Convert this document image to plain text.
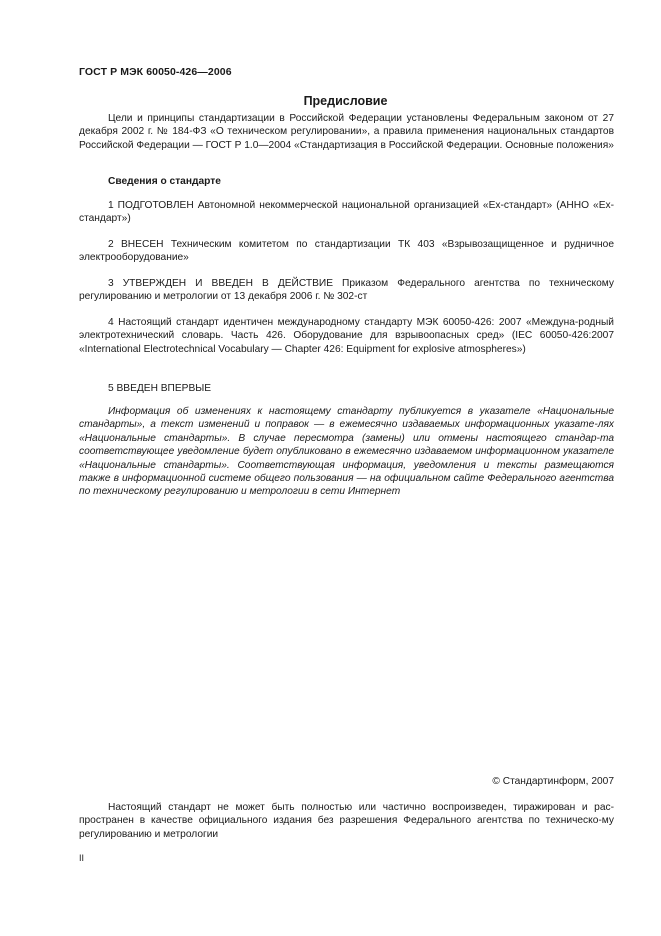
ГОСТ Р МЭК 60050-426—2006
Предисловие

Цели и принципы стандартизации в Российской Федерации установлены Федеральным законом от 27 декабря 2002 г. № 184-ФЗ «О техническом регулировании», а правила применения национальных стандартов Российской Федерации — ГОСТ Р 1.0—2004 «Стандартизация в Российской Федерации. Основные положения»

Сведения о стандарте

1 ПОДГОТОВЛЕН Автономной некоммерческой национальной организацией «Ех-стандарт» (АННО «Ех-стандарт»)

2 ВНЕСЕН Техническим комитетом по стандартизации ТК 403 «Взрывозащищенное и рудничное электрооборудование»

3 УТВЕРЖДЕН И ВВЕДЕН В ДЕЙСТВИЕ Приказом Федерального агентства по техническому регулированию и метрологии от 13 декабря 2006 г. № 302-ст

4 Настоящий стандарт идентичен международному стандарту МЭК 60050-426: 2007 «Междуна-родный электротехнический словарь. Часть 426. Оборудование для взрывоопасных сред» (IEC 60050-426:2007 «International Electrotechnical Vocabulary — Chapter 426: Equipment for explosive atmospheres»)

5 ВВЕДЕН ВПЕРВЫЕ

Информация об изменениях к настоящему стандарту публикуется в указателе «Национальные стандарты», а текст изменений и поправок — в ежемесячно издаваемых информационных указате-лях «Национальные стандарты». В случае пересмотра (замены) или отмены настоящего стандар-та соответствующее уведомление будет опубликовано в ежемесячно издаваемом информационном указателе «Национальные стандарты». Соответствующая информация, уведомления и тексты размещаются также в информационной системе общего пользования — на официальном сайте Федерального агентства по техническому регулированию и метрологии в сети Интернет

© Стандартинформ, 2007

Настоящий стандарт не может быть полностью или частично воспроизведен, тиражирован и рас-пространен в качестве официального издания без разрешения Федерального агентства по техническо-му регулированию и метрологии

II
